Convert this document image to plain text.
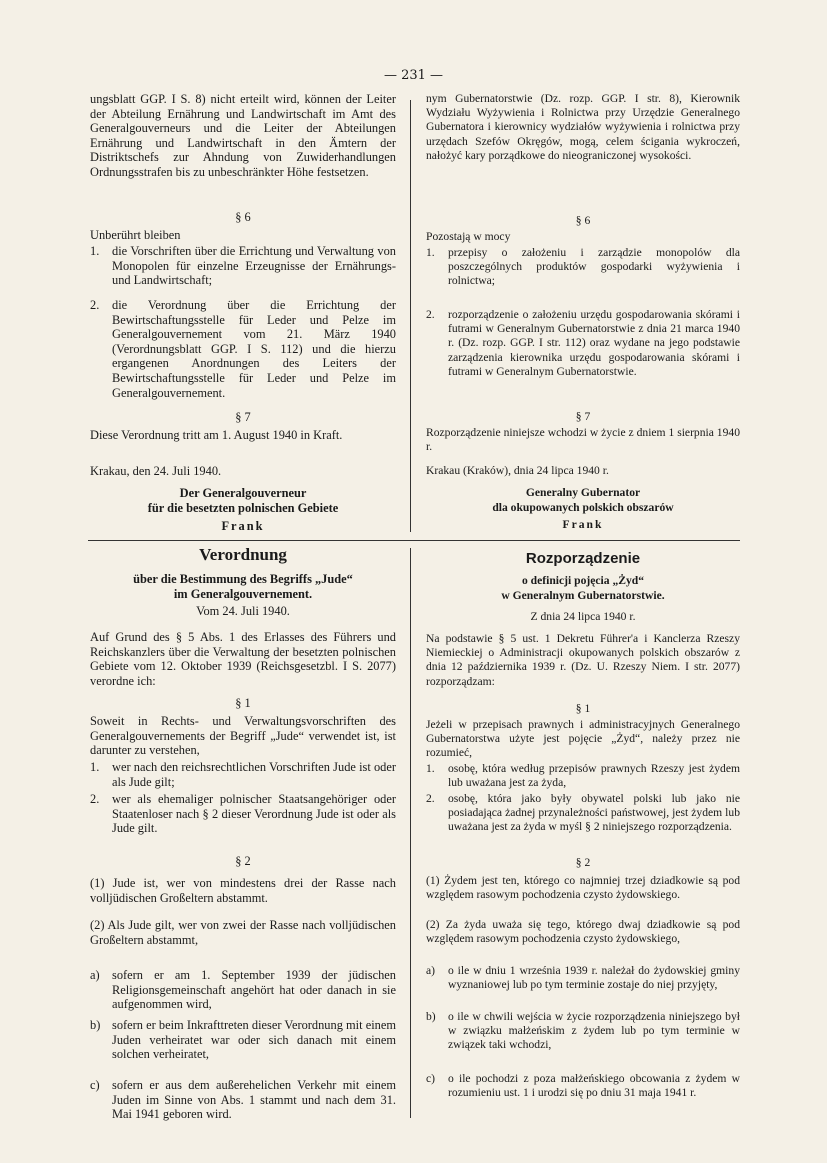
— 231 —

ungsblatt GGP. I S. 8) nicht erteilt wird, können der Leiter der Abteilung Ernährung und Landwirtschaft im Amt des Generalgouverneurs und die Leiter der Abteilungen Ernährung und Landwirtschaft in den Ämtern der Distriktschefs zur Ahndung von Zuwiderhandlungen Ordnungsstrafen bis zu unbeschränkter Höhe festsetzen.

§ 6

Unberührt bleiben

1.	die Vorschriften über die Errichtung und Verwaltung von Monopolen für einzelne Erzeugnisse der Ernährungs- und Landwirtschaft;
2.	die Verordnung über die Errichtung der Bewirtschaftungsstelle für Leder und Pelze im Generalgouvernement vom 21. März 1940 (Verordnungsblatt GGP. I S. 112) und die hierzu ergangenen Anordnungen des Leiters der Bewirtschaftungsstelle für Leder und Pelze im Generalgouvernement.

§ 7

Diese Verordnung tritt am 1. August 1940 in Kraft.

Krakau, den 24. Juli 1940.

Der Generalgouverneur

für die besetzten polnischen Gebiete

Frank

nym Gubernatorstwie (Dz. rozp. GGP. I str. 8), Kierownik Wydziału Wyżywienia i Rolnictwa przy Urzędzie Generalnego Gubernatora i kierownicy wydziałów wyżywienia i rolnictwa przy urzędach Szefów Okręgów, mogą, celem ścigania wykroczeń, nałożyć kary porządkowe do nieograniczonej wysokości.

§ 6

Pozostają w mocy

1.	przepisy o założeniu i zarządzie monopolów dla poszczególnych produktów gospodarki wyżywienia i rolnictwa;
2.	rozporządzenie o założeniu urzędu gospodarowania skórami i futrami w Generalnym Gubernatorstwie z dnia 21 marca 1940 r. (Dz. rozp. GGP. I str. 112) oraz wydane na jego podstawie zarządzenia kierownika urzędu gospodarowania skórami i futrami w Generalnym Gubernatorstwie.

§ 7

Rozporządzenie niniejsze wchodzi w życie z dniem 1 sierpnia 1940 r.

Krakau (Kraków), dnia 24 lipca 1940 r.

Generalny Gubernator

dla okupowanych polskich obszarów

Frank

Verordnung

über die Bestimmung des Begriffs „Jude“

im Generalgouvernement.

Vom 24. Juli 1940.

Auf Grund des § 5 Abs. 1 des Erlasses des Führers und Reichskanzlers über die Verwaltung der besetzten polnischen Gebiete vom 12. Oktober 1939 (Reichsgesetzbl. I S. 2077) verordne ich:

§ 1

Soweit in Rechts- und Verwaltungsvorschriften des Generalgouvernements der Begriff „Jude“ verwendet ist, ist darunter zu verstehen,

1.	wer nach den reichsrechtlichen Vorschriften Jude ist oder als Jude gilt;
2.	wer als ehemaliger polnischer Staatsangehöriger oder Staatenloser nach § 2 dieser Verordnung Jude ist oder als Jude gilt.

§ 2

(1) Jude ist, wer von mindestens drei der Rasse nach volljüdischen Großeltern abstammt.

(2) Als Jude gilt, wer von zwei der Rasse nach volljüdischen Großeltern abstammt,

a) sofern er am 1. September 1939 der jüdischen Religionsgemeinschaft angehört hat oder danach in sie aufgenommen wird,
b) sofern er beim Inkrafttreten dieser Verordnung mit einem Juden verheiratet war oder sich danach mit einem solchen verheiratet,
c) sofern er aus dem außerehelichen Verkehr mit einem Juden im Sinne von Abs. 1 stammt und nach dem 31. Mai 1941 geboren wird.

Rozporządzenie

o definicji pojęcia „Żyd“

w Generalnym Gubernatorstwie.

Z dnia 24 lipca 1940 r.

Na podstawie § 5 ust. 1 Dekretu Führer'a i Kanclerza Rzeszy Niemieckiej o Administracji okupowanych polskich obszarów z dnia 12 października 1939 r. (Dz. U. Rzeszy Niem. I str. 2077) rozporządzam:

§ 1

Jeżeli w przepisach prawnych i administracyjnych Generalnego Gubernatorstwa użyte jest pojęcie „Żyd“, należy przez nie rozumieć,

1.	osobę, która według przepisów prawnych Rzeszy jest żydem lub uważana jest za żyda,
2.	osobę, która jako były obywatel polski lub jako nie posiadająca żadnej przynależności państwowej, jest żydem lub uważana jest za żyda w myśl § 2 niniejszego rozporządzenia.

§ 2

(1) Żydem jest ten, którego co najmniej trzej dziadkowie są pod względem rasowym pochodzenia czysto żydowskiego.

(2) Za żyda uważa się tego, którego dwaj dziadkowie są pod względem rasowym pochodzenia czysto żydowskiego,

a)	o ile w dniu 1 września 1939 r. należał do żydowskiej gminy wyznaniowej lub po tym terminie zostaje do niej przyjęty,
b)	o ile w chwili wejścia w życie rozporządzenia niniejszego był w związku małżeńskim z żydem lub po tym terminie w związek taki wchodzi,
c)	o ile pochodzi z poza małżeńskiego obcowania z żydem w rozumieniu ust. 1 i urodzi się po dniu 31 maja 1941 r.
